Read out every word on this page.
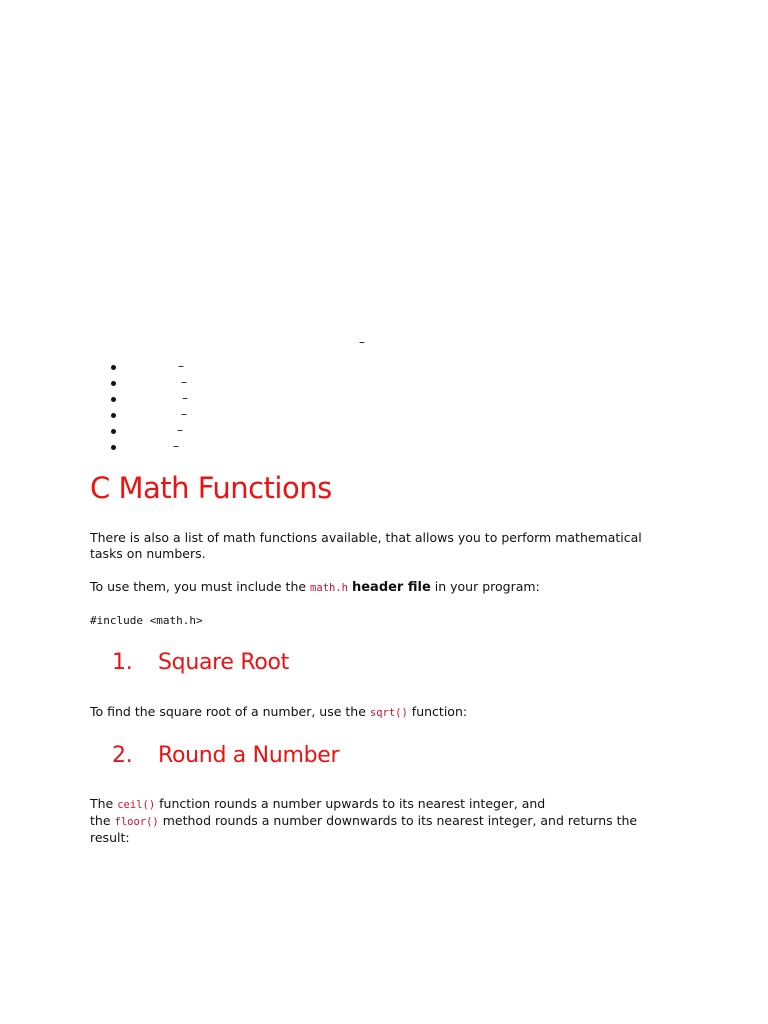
–
–
–
–
–
–
–
C Math Functions

There is also a list of math functions available, that allows you to perform mathematical tasks on numbers.

To use them, you must include the math.h header file in your program:

#include <math.h>
1. Square Root

To find the square root of a number, use the sqrt() function:

2. Round a Number

The ceil() function rounds a number upwards to its nearest integer, and
the floor() method rounds a number downwards to its nearest integer, and returns the result:
